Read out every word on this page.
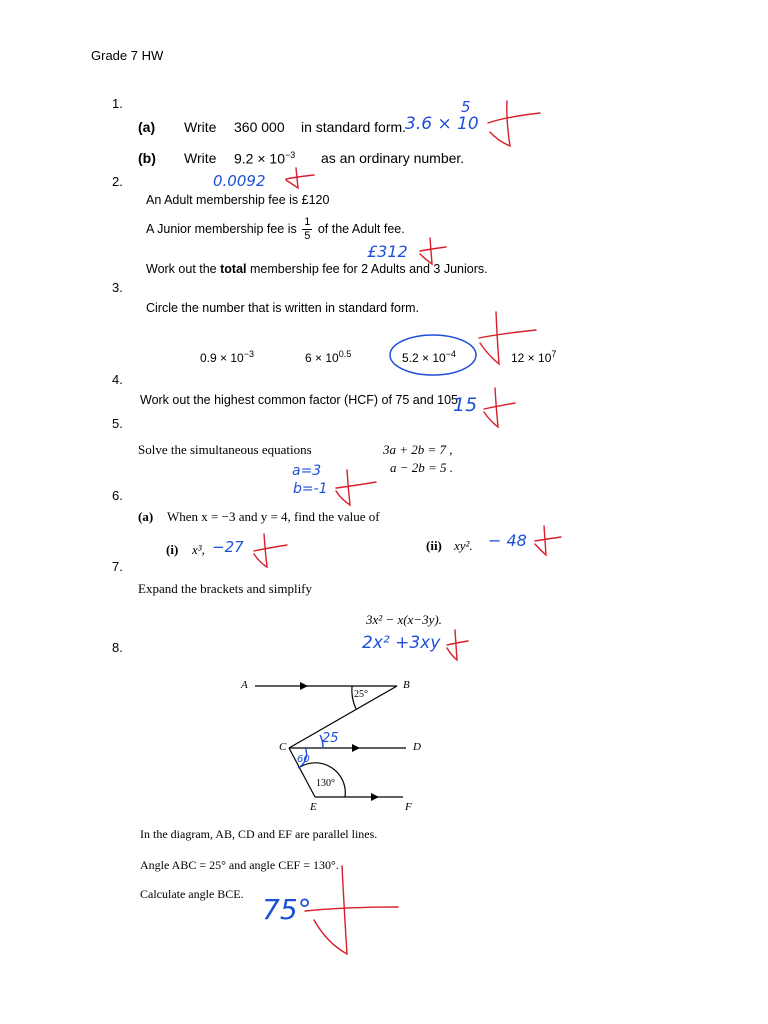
Grade 7 HW
1.
(a) Write 360 000 in standard form.
3.6 × 10
5
(b) Write $9.2 \times 10^{-3}$ as an ordinary number.
2.	0.0092
An Adult membership fee is £120
A Junior membership fee is $\frac{1}{5}$ of the Adult fee.
£312
Work out the total membership fee for 2 Adults and 3 Juniors.
3.
Circle the number that is written in standard form.
$0.9 \times 10^{-3}$	$6 \times 10^{0.5}$	$5.2 \times 10^{-4}$	$12 \times 10^7$
4.
Work out the highest common factor (HCF) of 75 and 105
15
5.
Solve the simultaneous equations	3a + 2b = 7 ,
a − 2b = 5 .
a=3
b=-1
6.
(a) When x = −3 and y = 4, find the value of
(i) x³, −27	(ii) xy². − 48
7.
Expand the brackets and simplify
3x² − x(x−3y).
2x² +3xy
8.
A	B
C	D
E	F
25°
130°
25
60
In the diagram, AB, CD and EF are parallel lines.
Angle ABC = 25° and angle CEF = 130°.
Calculate angle BCE. 75°
